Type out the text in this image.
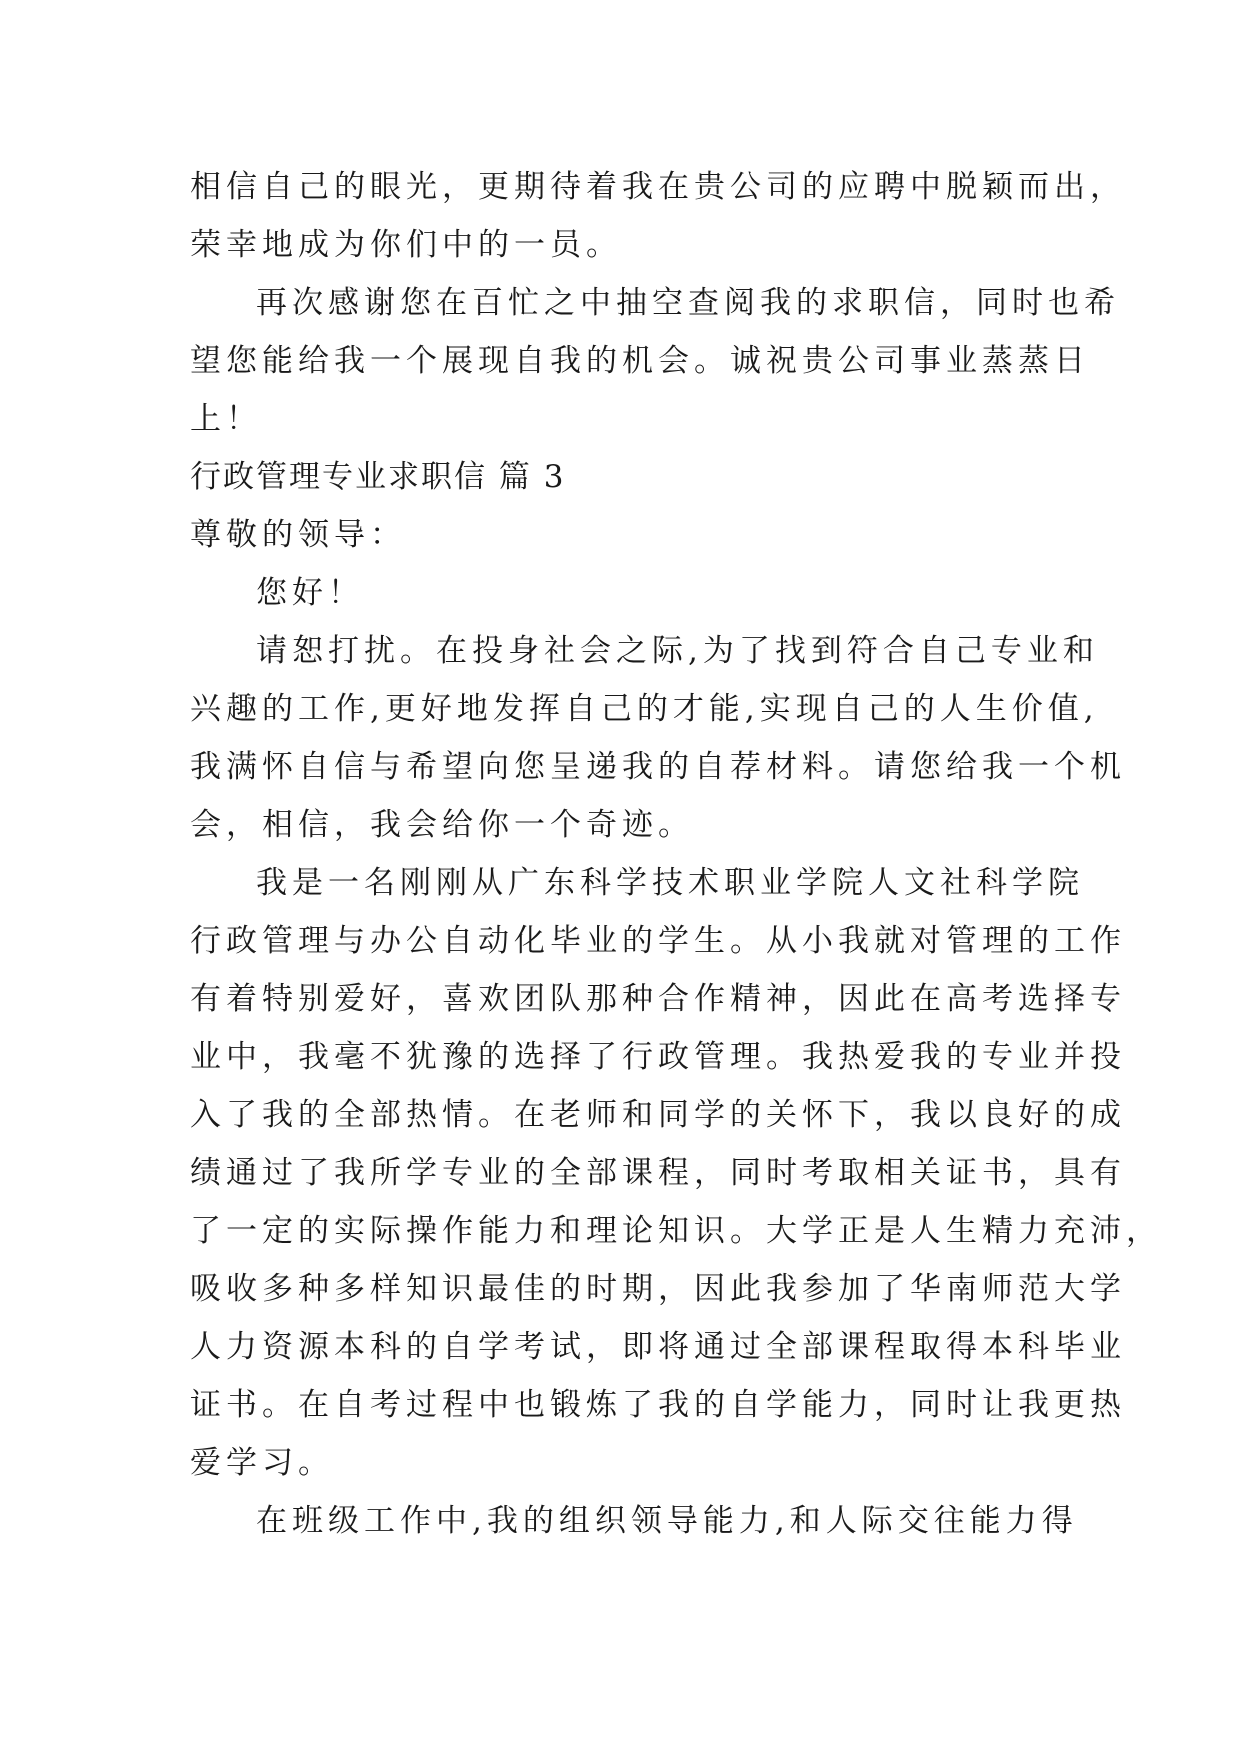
相信自己的眼光，更期待着我在贵公司的应聘中脱颖而出，
荣幸地成为你们中的一员。
再次感谢您在百忙之中抽空查阅我的求职信，同时也希
望您能给我一个展现自我的机会。诚祝贵公司事业蒸蒸日
上！
行政管理专业求职信 篇 3
尊敬的领导：
您好！
请恕打扰。在投身社会之际,为了找到符合自己专业和
兴趣的工作,更好地发挥自己的才能,实现自己的人生价值,
我满怀自信与希望向您呈递我的自荐材料。请您给我一个机
会，相信，我会给你一个奇迹。
我是一名刚刚从广东科学技术职业学院人文社科学院
行政管理与办公自动化毕业的学生。从小我就对管理的工作
有着特别爱好，喜欢团队那种合作精神，因此在高考选择专
业中，我毫不犹豫的选择了行政管理。我热爱我的专业并投
入了我的全部热情。在老师和同学的关怀下，我以良好的成
绩通过了我所学专业的全部课程，同时考取相关证书，具有
了一定的实际操作能力和理论知识。大学正是人生精力充沛，
吸收多种多样知识最佳的时期，因此我参加了华南师范大学
人力资源本科的自学考试，即将通过全部课程取得本科毕业
证书。在自考过程中也锻炼了我的自学能力，同时让我更热
爱学习。
在班级工作中,我的组织领导能力,和人际交往能力得
